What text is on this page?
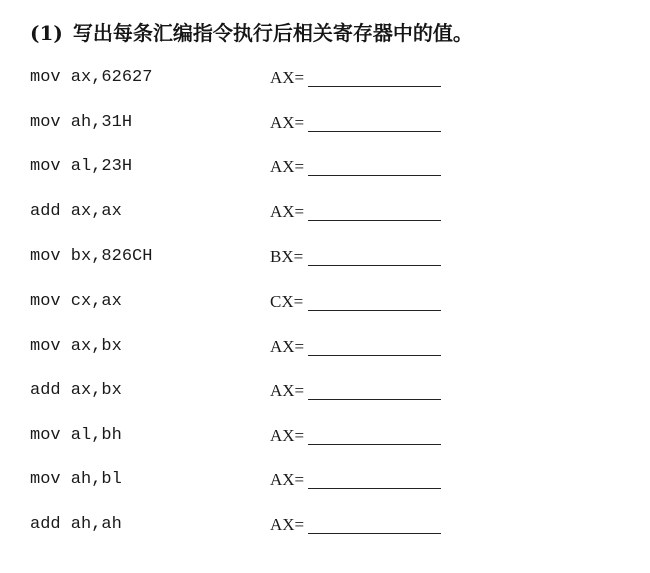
(1) 写出每条汇编指令执行后相关寄存器中的值。
mov ax,62627	AX=
mov ah,31H	AX=
mov al,23H	AX=
add ax,ax	AX=
mov bx,826CH	BX=
mov cx,ax	CX=
mov ax,bx	AX=
add ax,bx	AX=
mov al,bh	AX=
mov ah,bl	AX=
add ah,ah	AX=
